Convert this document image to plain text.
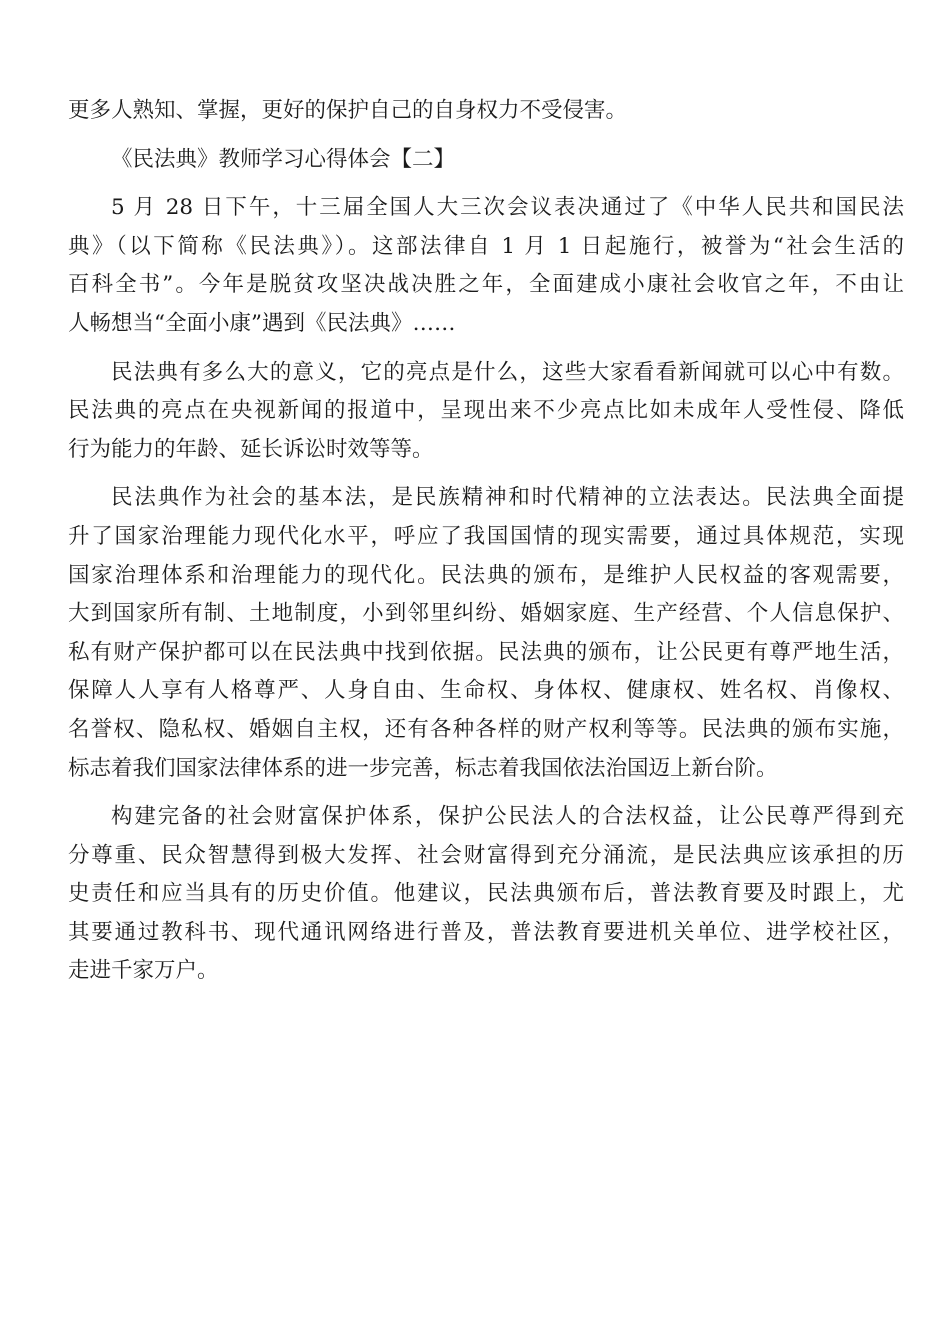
更多人熟知、掌握，更好的保护自己的自身权力不受侵害。
《民法典》教师学习心得体会【二】
5 月 28 日下午，十三届全国人大三次会议表决通过了《中华人民共和国民法
典》（以下简称《民法典》）。这部法律自 1 月 1 日起施行，被誉为“社会生活的
百科全书”。今年是脱贫攻坚决战决胜之年，全面建成小康社会收官之年，不由让
人畅想当“全面小康”遇到《民法典》……
民法典有多么大的意义，它的亮点是什么，这些大家看看新闻就可以心中有数。
民法典的亮点在央视新闻的报道中，呈现出来不少亮点比如未成年人受性侵、降低
行为能力的年龄、延长诉讼时效等等。
民法典作为社会的基本法，是民族精神和时代精神的立法表达。民法典全面提
升了国家治理能力现代化水平，呼应了我国国情的现实需要，通过具体规范，实现
国家治理体系和治理能力的现代化。民法典的颁布，是维护人民权益的客观需要，
大到国家所有制、土地制度，小到邻里纠纷、婚姻家庭、生产经营、个人信息保护、
私有财产保护都可以在民法典中找到依据。民法典的颁布，让公民更有尊严地生活，
保障人人享有人格尊严、人身自由、生命权、身体权、健康权、姓名权、肖像权、
名誉权、隐私权、婚姻自主权，还有各种各样的财产权利等等。民法典的颁布实施，
标志着我们国家法律体系的进一步完善，标志着我国依法治国迈上新台阶。
构建完备的社会财富保护体系，保护公民法人的合法权益，让公民尊严得到充
分尊重、民众智慧得到极大发挥、社会财富得到充分涌流，是民法典应该承担的历
史责任和应当具有的历史价值。他建议，民法典颁布后，普法教育要及时跟上，尤
其要通过教科书、现代通讯网络进行普及，普法教育要进机关单位、进学校社区，
走进千家万户。
